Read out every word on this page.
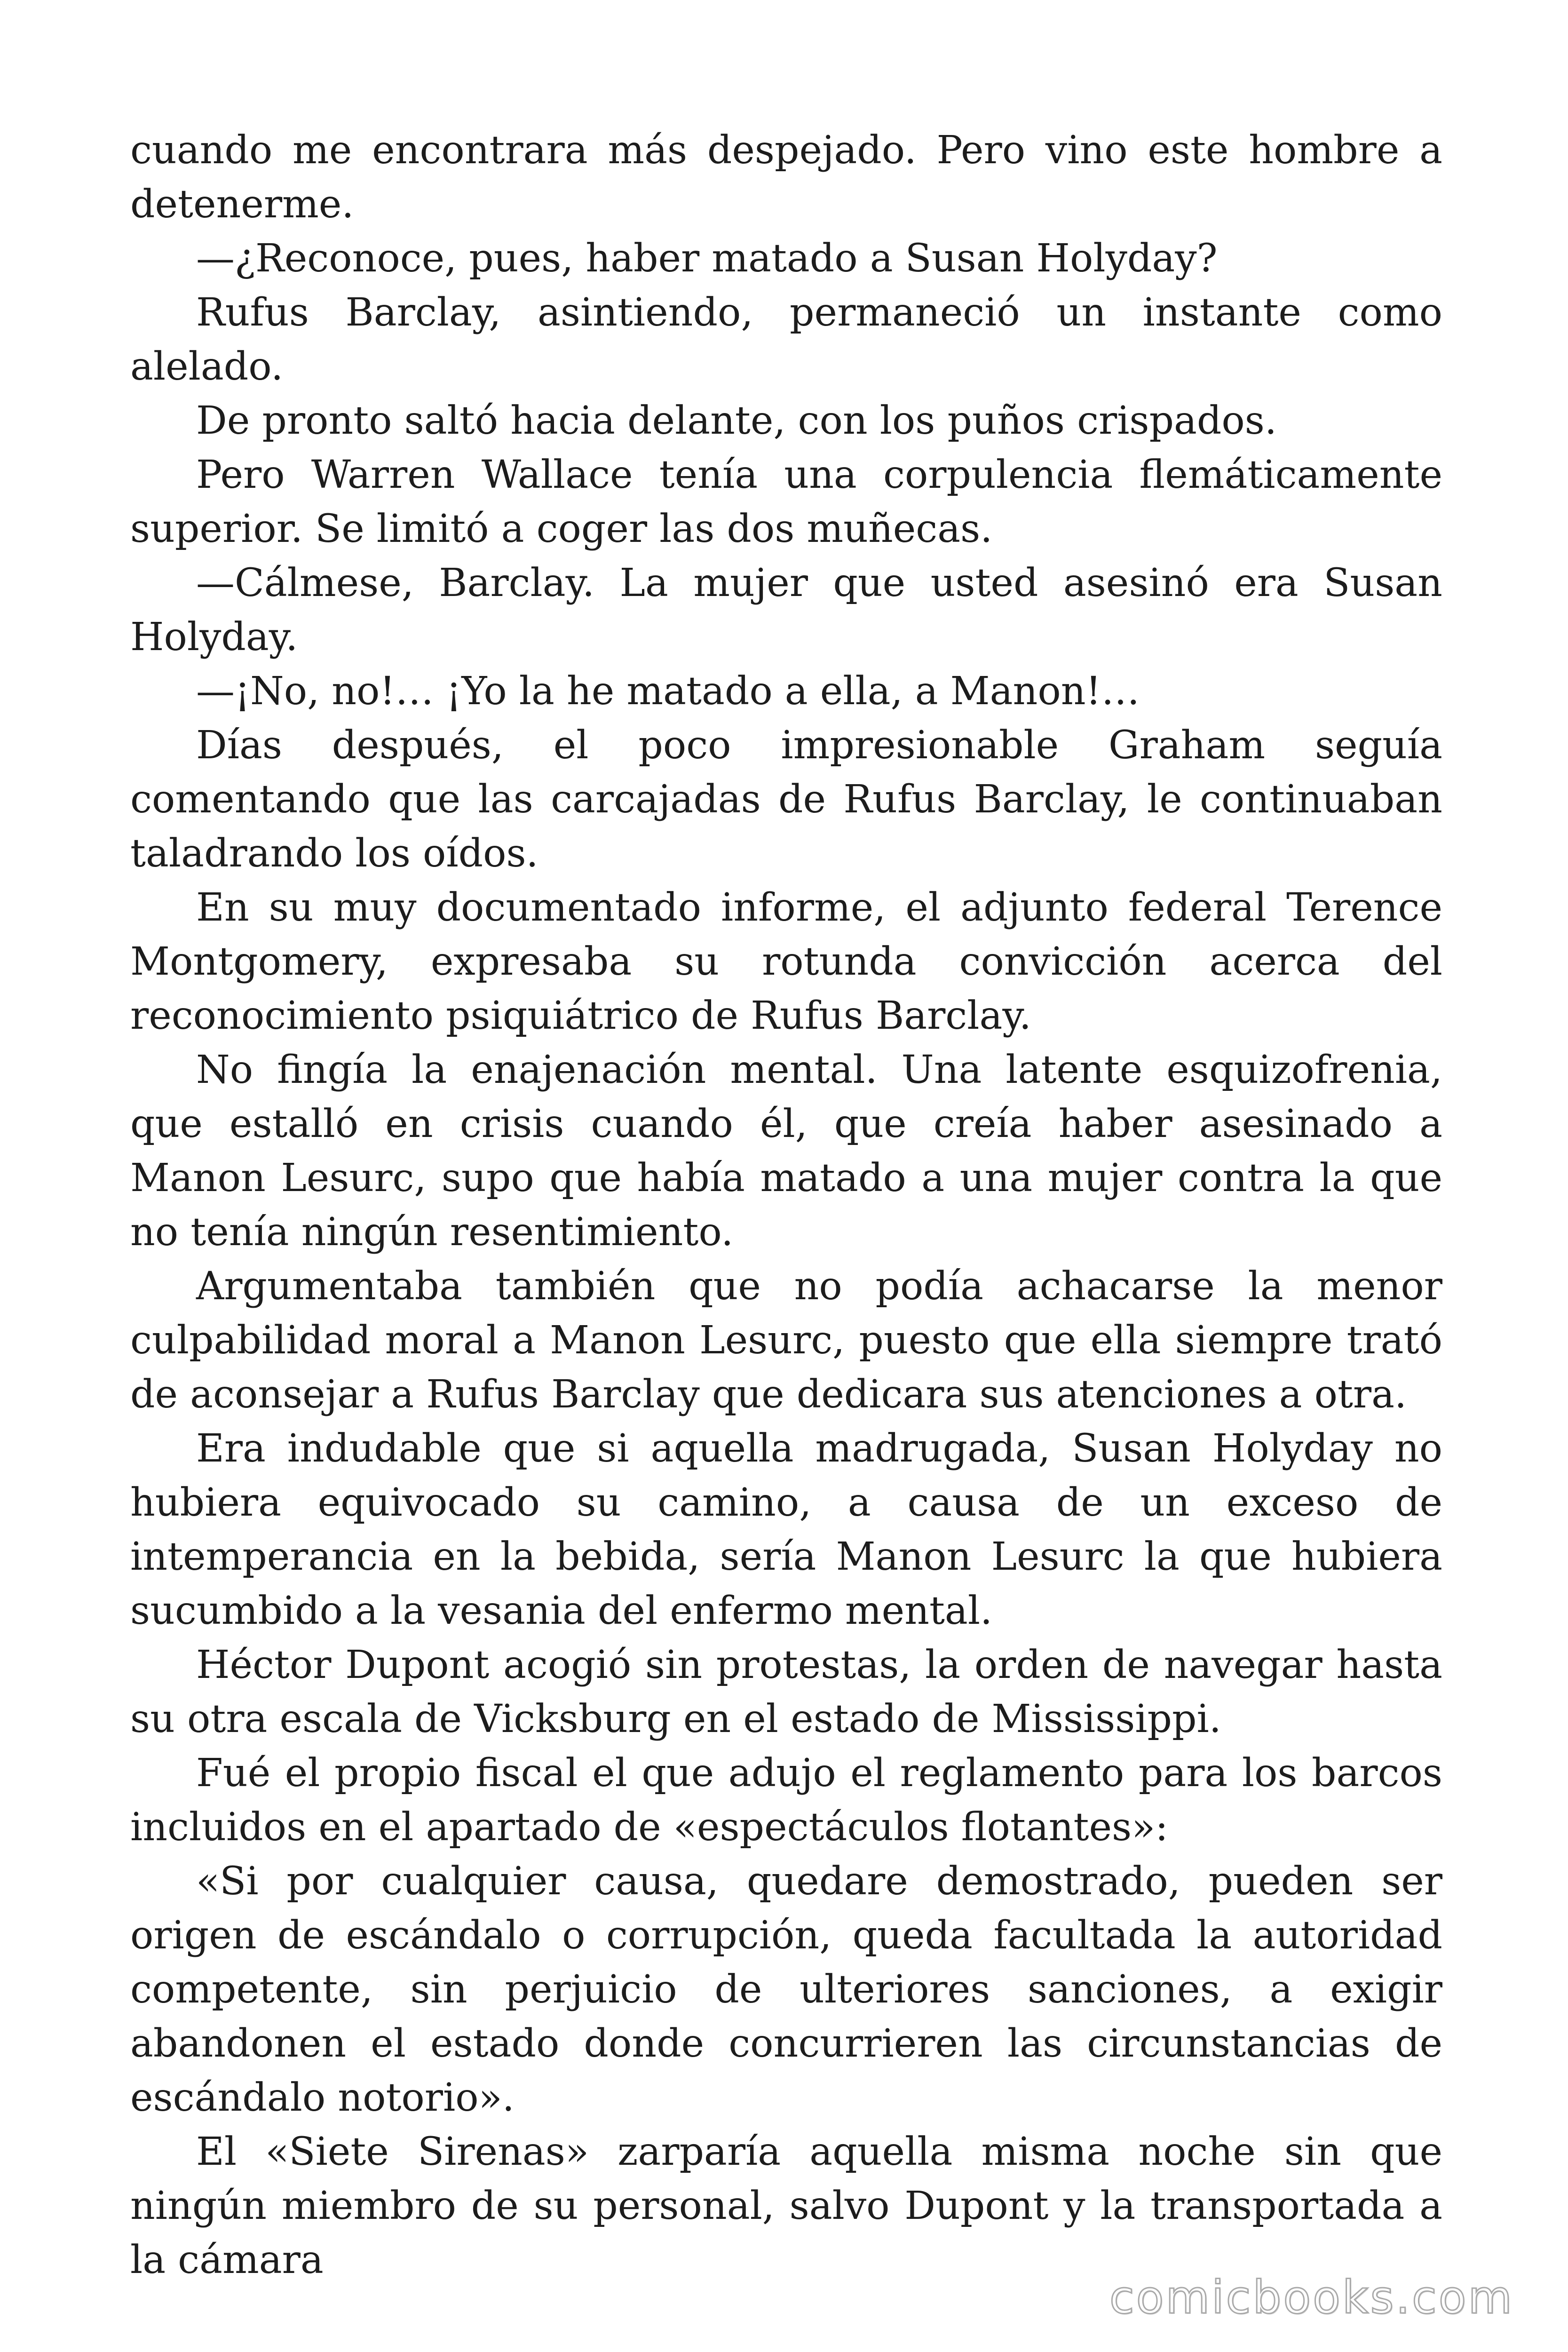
cuando me encontrara más despejado. Pero vino este hombre a detenerme.

—¿Reconoce, pues, haber matado a Susan Holyday?

Rufus Barclay, asintiendo, permaneció un instante como alelado.

De pronto saltó hacia delante, con los puños crispados.

Pero Warren Wallace tenía una corpulencia flemáticamente superior. Se limitó a coger las dos muñecas.

—Cálmese, Barclay. La mujer que usted asesinó era Susan Holyday.

—¡No, no!… ¡Yo la he matado a ella, a Manon!…

Días después, el poco impresionable Graham seguía comentando que las carcajadas de Rufus Barclay, le continuaban taladrando los oídos.

En su muy documentado informe, el adjunto federal Terence Montgomery, expresaba su rotunda convicción acerca del reconocimiento psiquiátrico de Rufus Barclay.

No fingía la enajenación mental. Una latente esquizofrenia, que estalló en crisis cuando él, que creía haber asesinado a Manon Lesurc, supo que había matado a una mujer contra la que no tenía ningún resentimiento.

Argumentaba también que no podía achacarse la menor culpabilidad moral a Manon Lesurc, puesto que ella siempre trató de aconsejar a Rufus Barclay que dedicara sus atenciones a otra.

Era indudable que si aquella madrugada, Susan Holyday no hubiera equivocado su camino, a causa de un exceso de intemperancia en la bebida, sería Manon Lesurc la que hubiera sucumbido a la vesania del enfermo mental.

Héctor Dupont acogió sin protestas, la orden de navegar hasta su otra escala de Vicksburg en el estado de Mississippi.

Fué el propio fiscal el que adujo el reglamento para los barcos incluidos en el apartado de «espectáculos flotantes»:

«Si por cualquier causa, quedare demostrado, pueden ser origen de escándalo o corrupción, queda facultada la autoridad competente, sin perjuicio de ulteriores sanciones, a exigir abandonen el estado donde concurrieren las circunstancias de escándalo notorio».

El «Siete Sirenas» zarparía aquella misma noche sin que ningún miembro de su personal, salvo Dupont y la transportada a la cámara

comicbooks.com
